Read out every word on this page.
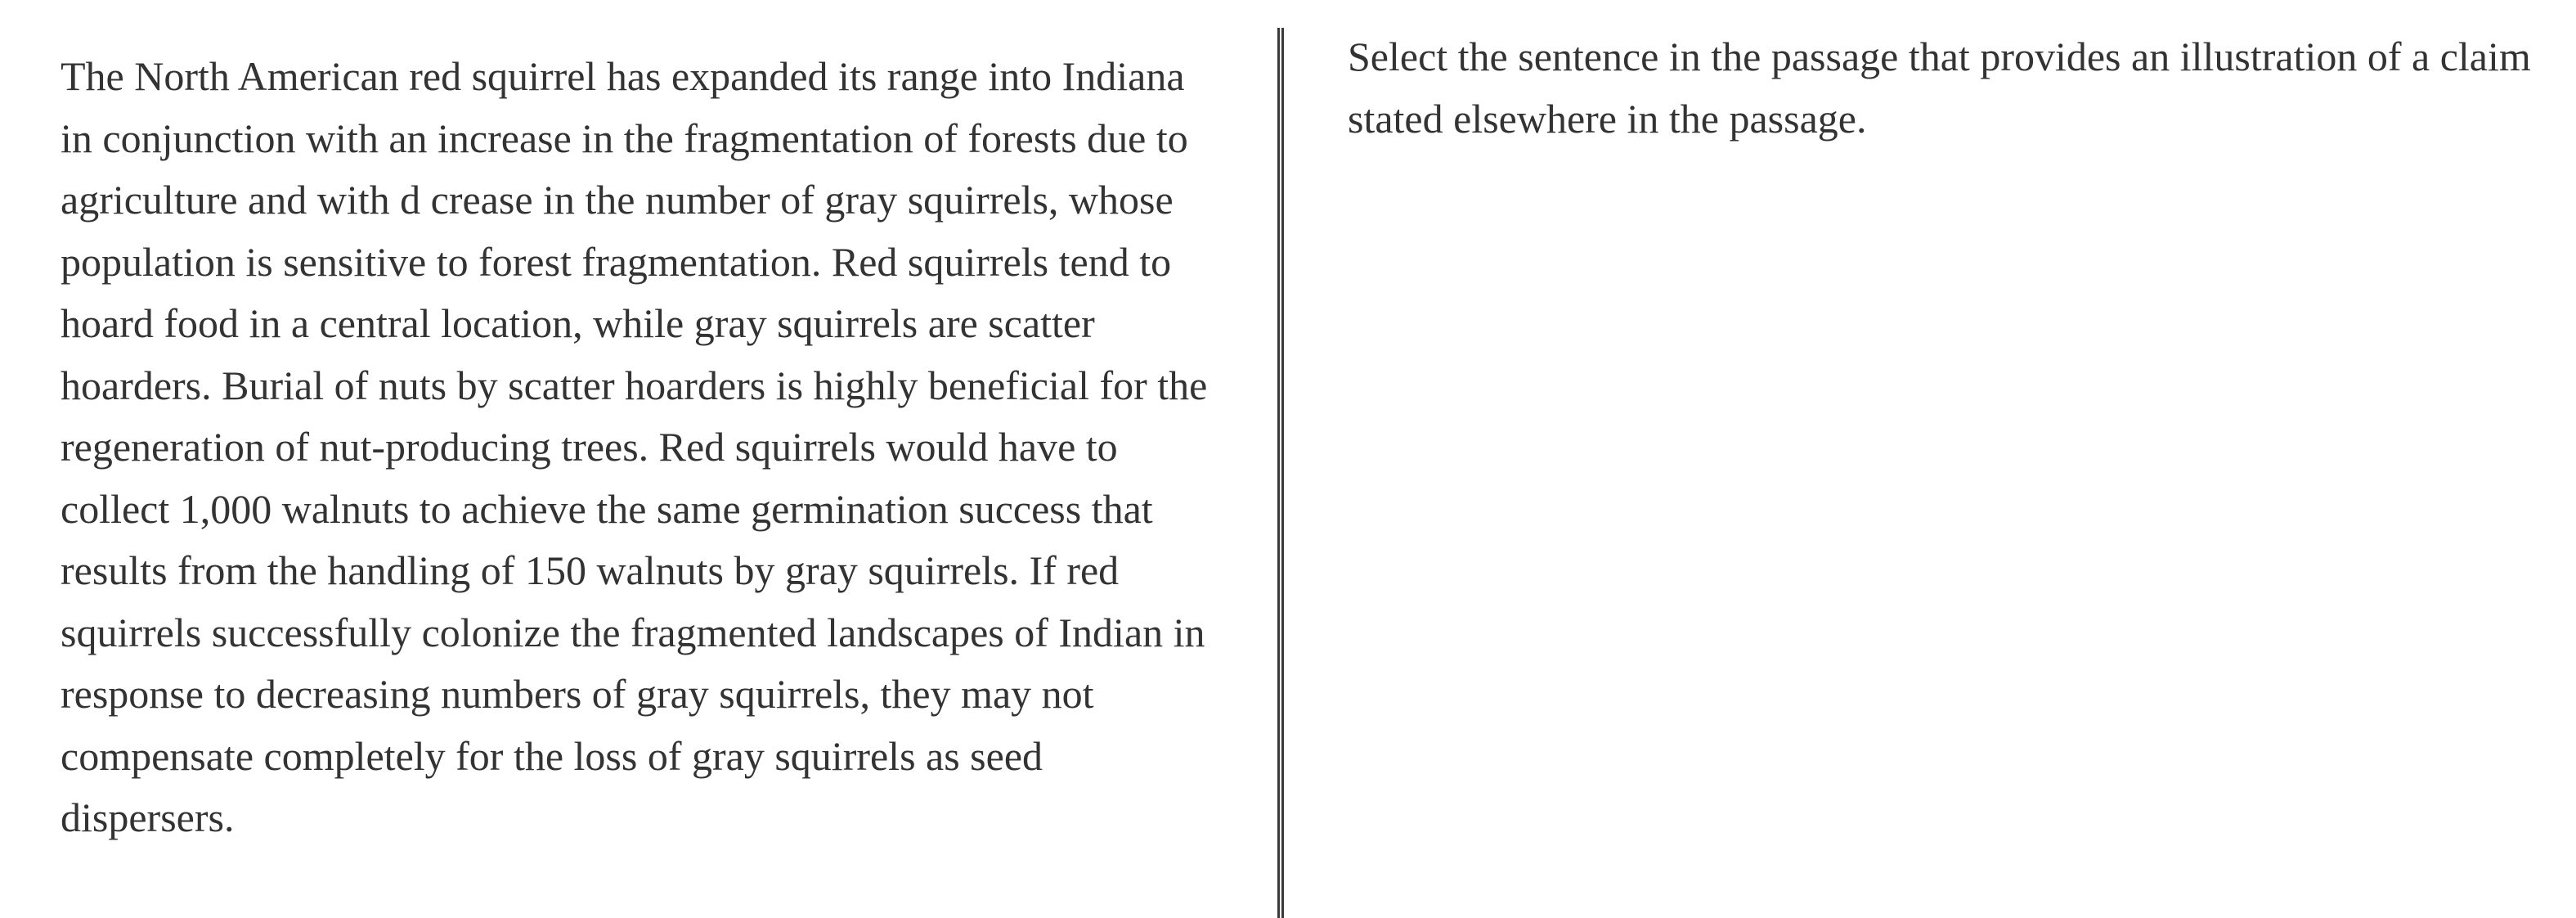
The North American red squirrel has expanded its range into Indiana in conjunction with an increase in the fragmentation of forests due to agriculture and with d crease in the number of gray squirrels, whose population is sensitive to forest fragmentation. Red squirrels tend to hoard food in a central location, while gray squirrels are scatter hoarders. Burial of nuts by scatter hoarders is highly beneficial for the regeneration of nut-producing trees. Red squirrels would have to collect 1,000 walnuts to achieve the same germination success that results from the handling of 150 walnuts by gray squirrels. If red squirrels successfully colonize the fragmented landscapes of Indian in response to decreasing numbers of gray squirrels, they may not compensate completely for the loss of gray squirrels as seed dispersers.

Select the sentence in the passage that provides an illustration of a claim stated elsewhere in the passage.
